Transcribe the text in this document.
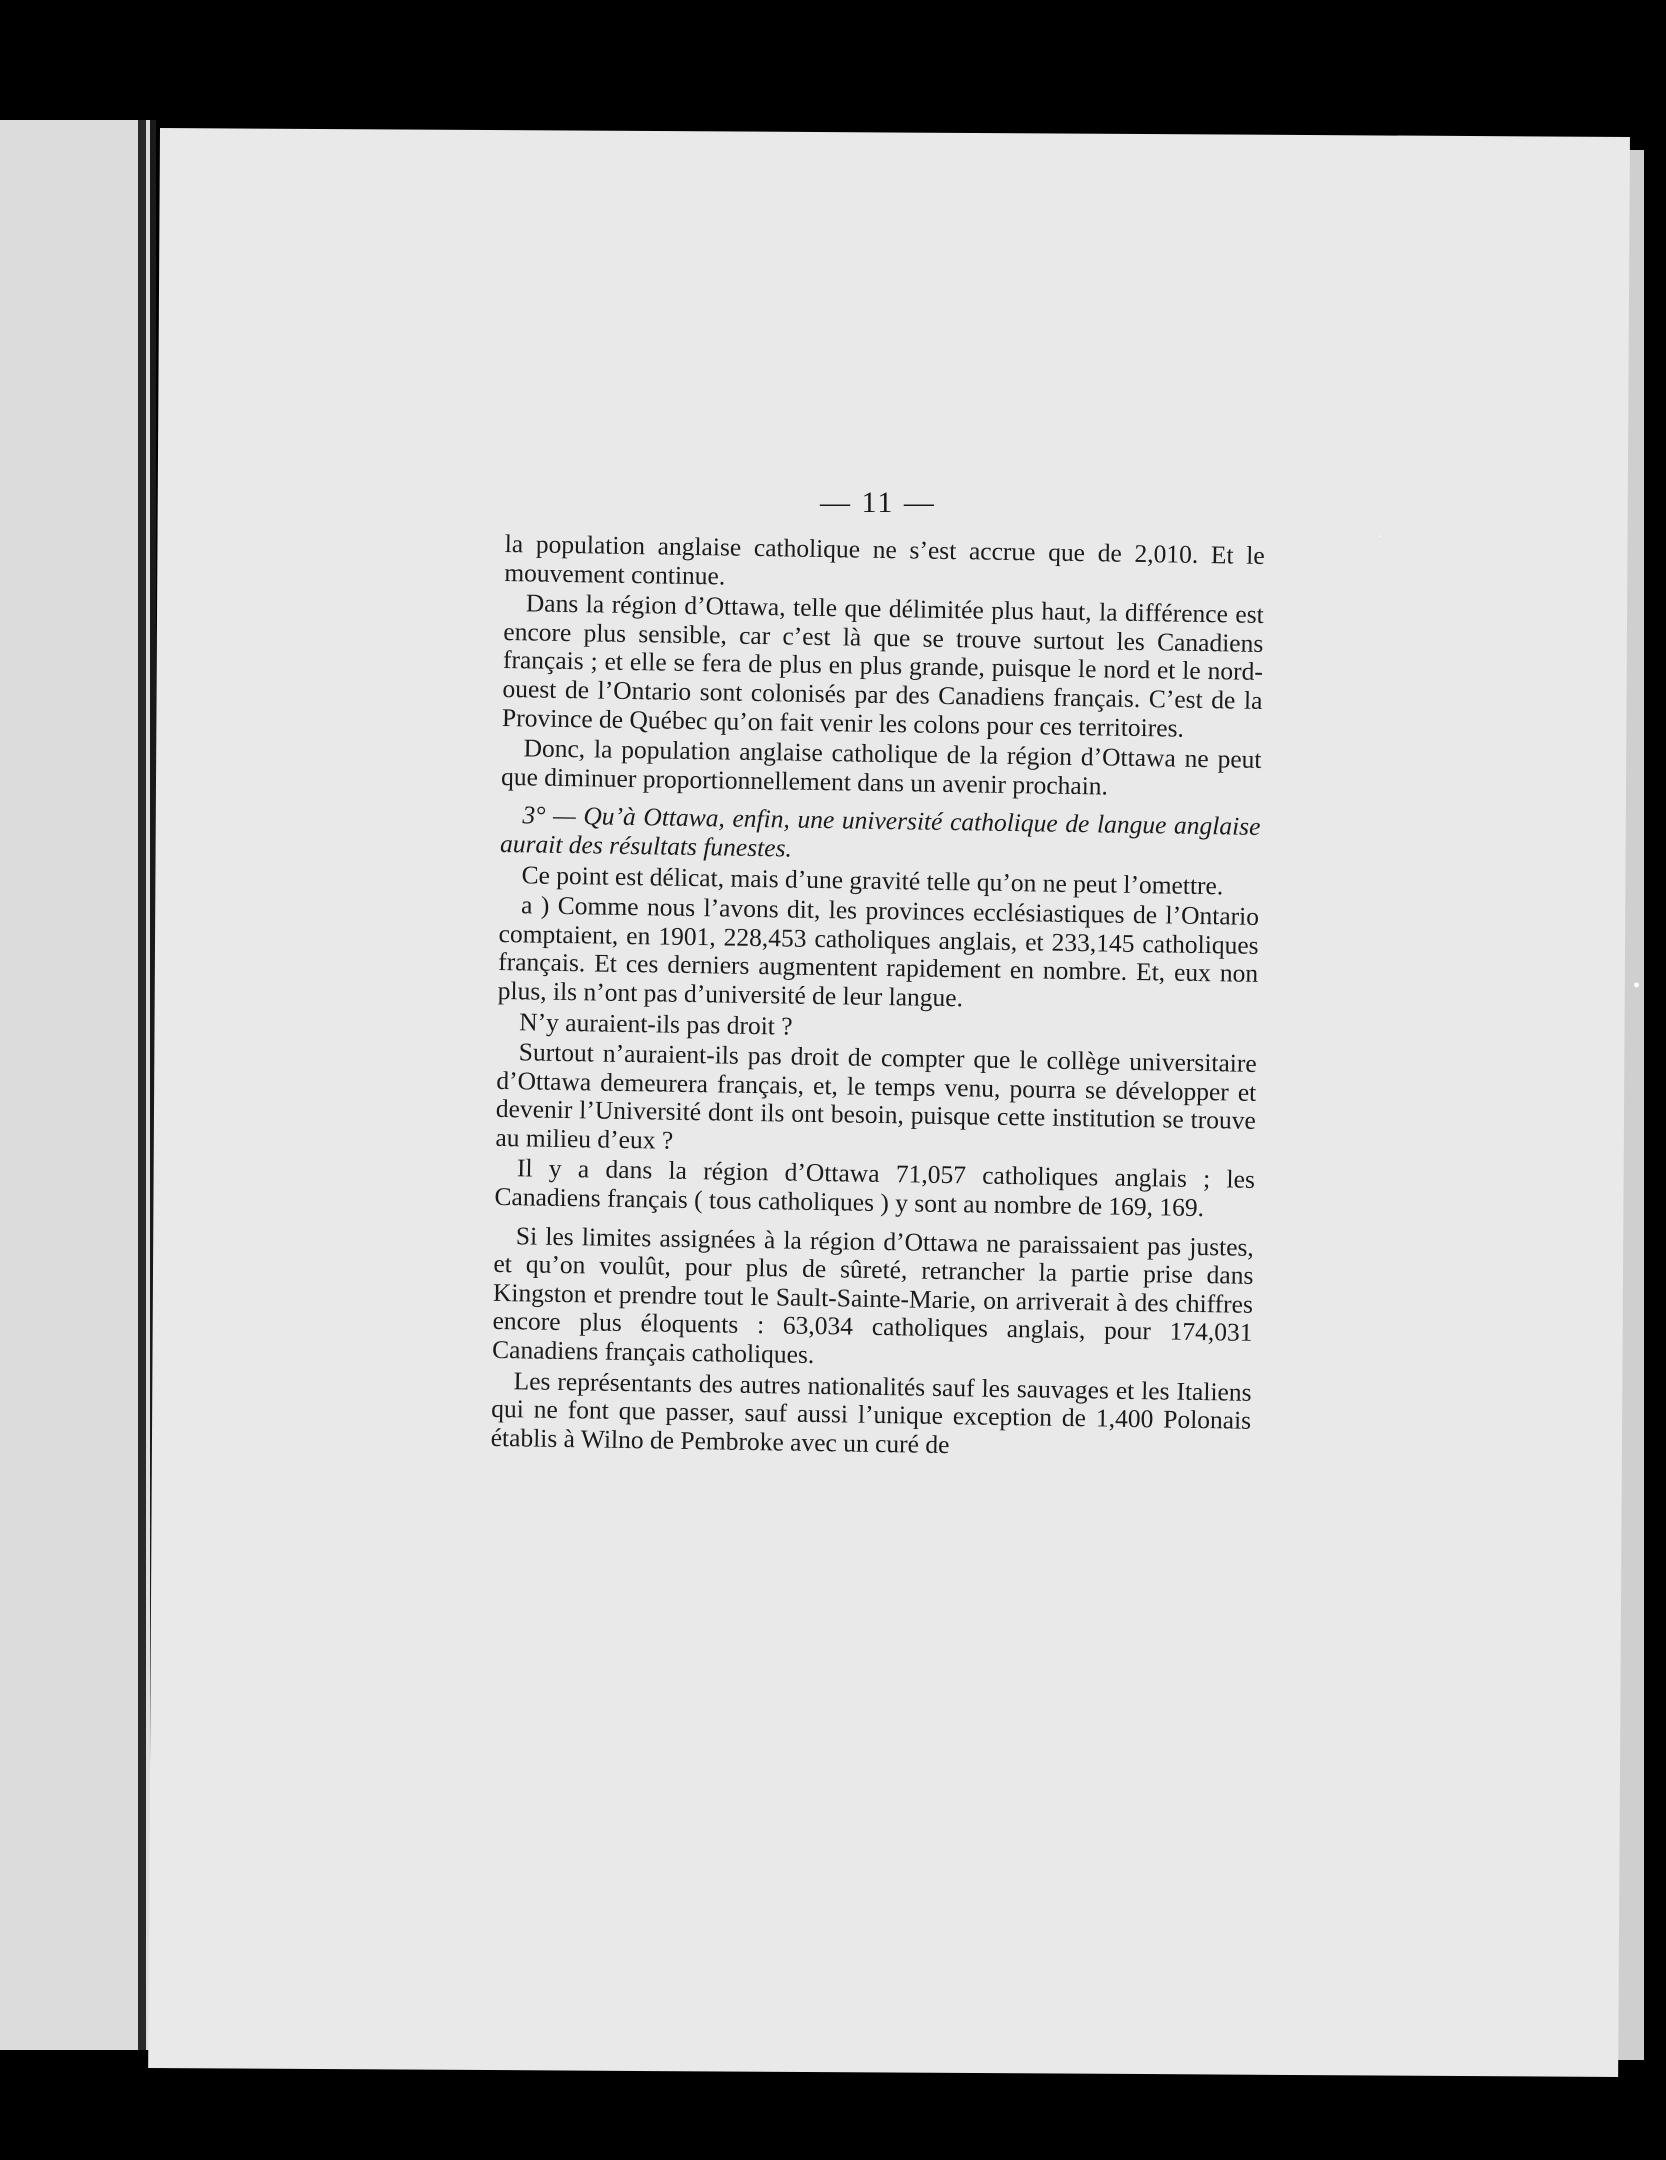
·
•
— 11 —

la population anglaise catholique ne s’est accrue que de 2,010. Et le mouvement continue.

Dans la région d’Ottawa, telle que délimitée plus haut, la différence est encore plus sensible, car c’est là que se trouve surtout les Canadiens français ; et elle se fera de plus en plus grande, puisque le nord et le nord-ouest de l’Ontario sont colonisés par des Canadiens français. C’est de la Province de Québec qu’on fait venir les colons pour ces territoires.

Donc, la population anglaise catholique de la région d’Ottawa ne peut que diminuer proportionnellement dans un avenir prochain.

3° — Qu’à Ottawa, enfin, une université catholique de langue anglaise aurait des résultats funestes.

Ce point est délicat, mais d’une gravité telle qu’on ne peut l’omettre.

a ) Comme nous l’avons dit, les provinces ecclésiastiques de l’Ontario comptaient, en 1901, 228,453 catholiques anglais, et 233,145 catholiques français. Et ces derniers augmentent rapidement en nombre. Et, eux non plus, ils n’ont pas d’université de leur langue.

N’y auraient-ils pas droit ?

Surtout n’auraient-ils pas droit de compter que le collège universitaire d’Ottawa demeurera français, et, le temps venu, pourra se développer et devenir l’Université dont ils ont besoin, puisque cette institution se trouve au milieu d’eux ?

Il y a dans la région d’Ottawa 71,057 catholiques anglais ; les Canadiens français ( tous catholiques ) y sont au nombre de 169, 169.

Si les limites assignées à la région d’Ottawa ne paraissaient pas justes, et qu’on voulût, pour plus de sûreté, retrancher la partie prise dans Kingston et prendre tout le Sault-Sainte-Marie, on arriverait à des chiffres encore plus éloquents : 63,034 catholiques anglais, pour 174,031 Canadiens français catholiques.

Les représentants des autres nationalités sauf les sauvages et les Italiens qui ne font que passer, sauf aussi l’unique exception de 1,400 Polonais établis à Wilno de Pembroke avec un curé de
